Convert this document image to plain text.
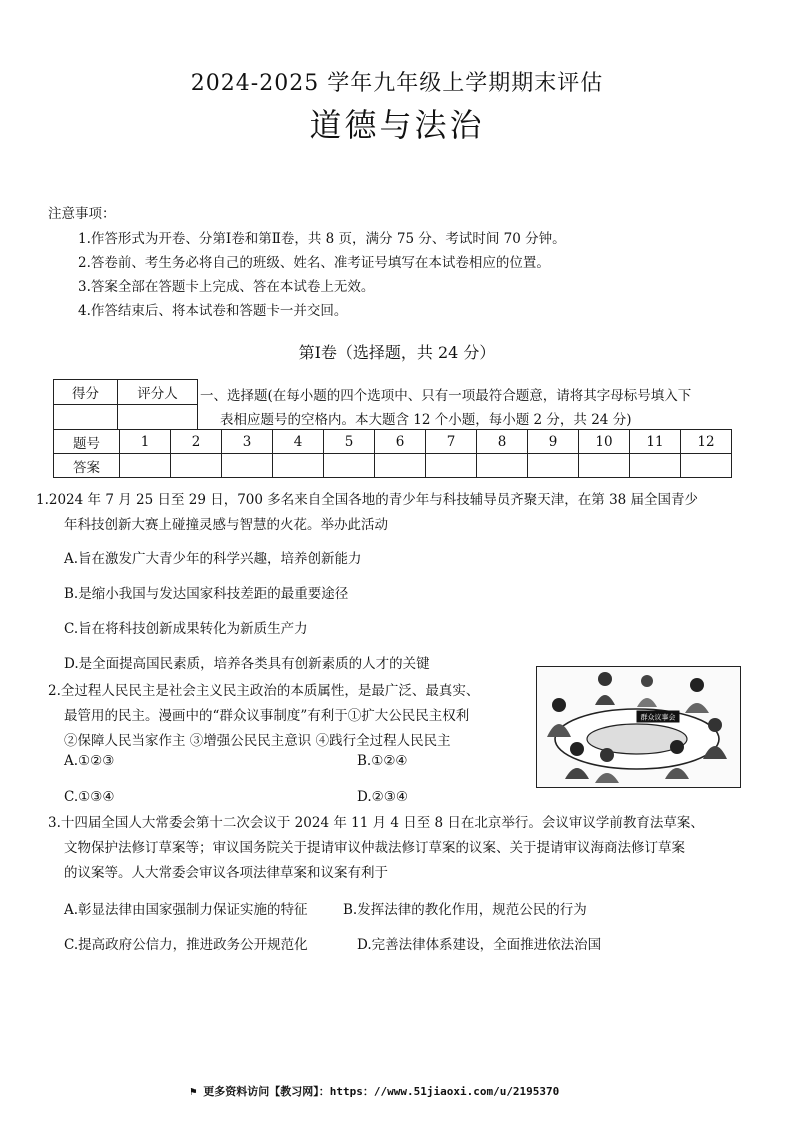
2024-2025 学年九年级上学期期末评估
道德与法治
注意事项：
1.作答形式为开卷、分第Ⅰ卷和第Ⅱ卷，共 8 页，满分 75 分、考试时间 70 分钟。
2.答卷前、考生务必将自己的班级、姓名、准考证号填写在本试卷相应的位置。
3.答案全部在答题卡上完成、答在本试卷上无效。
4.作答结束后、将本试卷和答题卡一并交回。
第Ⅰ卷（选择题，共 24 分）
得分	评分人
	一、选择题(在每小题的四个选项中、只有一项最符合题意，请将其字母标号填入下
表相应题号的空格内。本大题含 12 个小题，每小题 2 分，共 24 分)
题号	1	2	3	4	5	6	7	8	9	10	11	12
答案												
1.2024 年 7 月 25 日至 29 日，700 多名来自全国各地的青少年与科技辅导员齐聚天津，在第 38 届全国青少
年科技创新大赛上碰撞灵感与智慧的火花。举办此活动
A.旨在激发广大青少年的科学兴趣，培养创新能力
B.是缩小我国与发达国家科技差距的最重要途径
C.旨在将科技创新成果转化为新质生产力
D.是全面提高国民素质，培养各类具有创新素质的人才的关键
2.全过程人民民主是社会主义民主政治的本质属性，是最广泛、最真实、
最管用的民主。漫画中的“群众议事制度”有利于①扩大公民民主权利
②保障人民当家作主 ③增强公民民主意识 ④践行全过程人民民主
A.①②③	B.①②④
C.①③④	D.②③④
群众议事会
3.十四届全国人大常委会第十二次会议于 2024 年 11 月 4 日至 8 日在北京举行。会议审议学前教育法草案、
文物保护法修订草案等；审议国务院关于提请审议仲裁法修订草案的议案、关于提请审议海商法修订草案
的议案等。人大常委会审议各项法律草案和议案有利于
A.彰显法律由国家强制力保证实施的特征	B.发挥法律的教化作用，规范公民的行为
C.提高政府公信力，推进政务公开规范化	D.完善法律体系建设，全面推进依法治国
⚑ 更多资料访问【教习网】：https：//www.51jiaoxi.com/u/2195370
